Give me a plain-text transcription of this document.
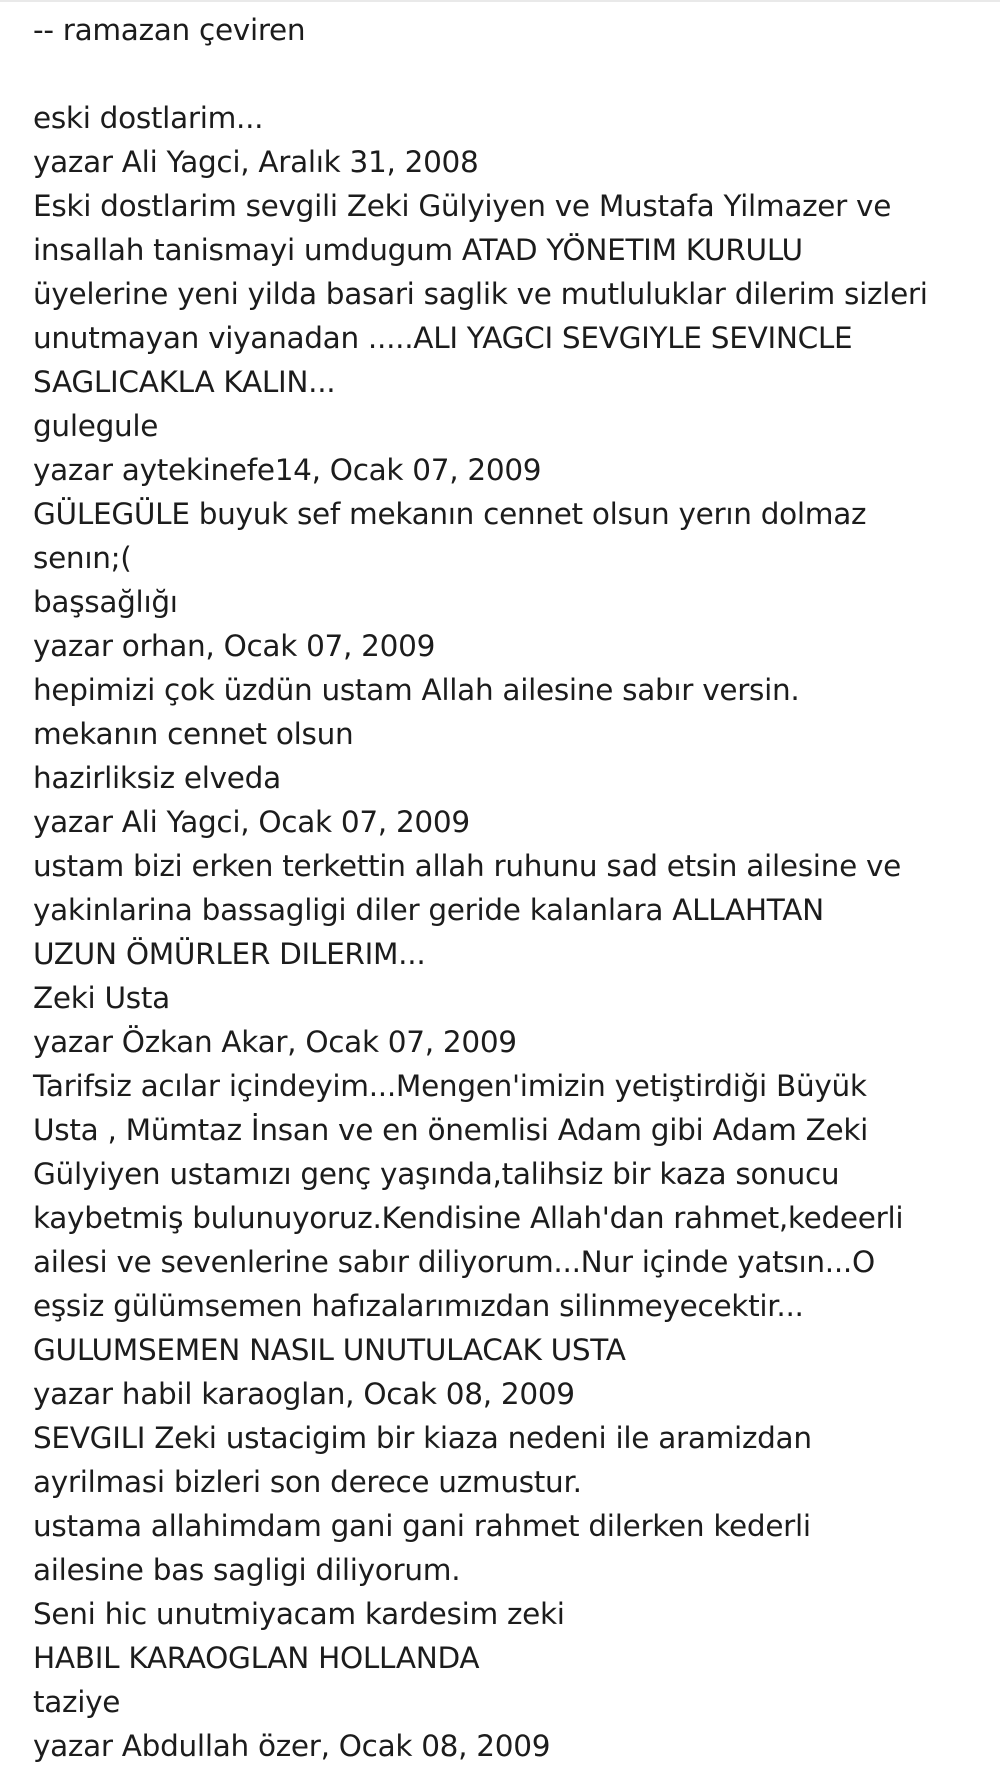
-- ramazan çeviren
eski dostlarim...
yazar Ali Yagci, Aralık 31, 2008
Eski dostlarim sevgili Zeki Gülyiyen ve Mustafa Yilmazer ve
insallah tanismayi umdugum ATAD YÖNETIM KURULU
üyelerine yeni yilda basari saglik ve mutluluklar dilerim sizleri
unutmayan viyanadan .....ALI YAGCI SEVGIYLE SEVINCLE
SAGLICAKLA KALIN...
gulegule
yazar aytekinefe14, Ocak 07, 2009
GÜLEGÜLE buyuk sef mekanın cennet olsun yerın dolmaz
senın;(
başsağlığı
yazar orhan, Ocak 07, 2009
hepimizi çok üzdün ustam Allah ailesine sabır versin.
mekanın cennet olsun
hazirliksiz elveda
yazar Ali Yagci, Ocak 07, 2009
ustam bizi erken terkettin allah ruhunu sad etsin ailesine ve
yakinlarina bassagligi diler geride kalanlara ALLAHTAN
UZUN ÖMÜRLER DILERIM...
Zeki Usta
yazar Özkan Akar, Ocak 07, 2009
Tarifsiz acılar içindeyim...Mengen'imizin yetiştirdiği Büyük
Usta , Mümtaz İnsan ve en önemlisi Adam gibi Adam Zeki
Gülyiyen ustamızı genç yaşında,talihsiz bir kaza sonucu
kaybetmiş bulunuyoruz.Kendisine Allah'dan rahmet,kedeerli
ailesi ve sevenlerine sabır diliyorum...Nur içinde yatsın...O
eşsiz gülümsemen hafızalarımızdan silinmeyecektir...
GULUMSEMEN NASIL UNUTULACAK USTA
yazar habil karaoglan, Ocak 08, 2009
SEVGILI Zeki ustacigim bir kiaza nedeni ile aramizdan
ayrilmasi bizleri son derece uzmustur.
ustama allahimdam gani gani rahmet dilerken kederli
ailesine bas sagligi diliyorum.
Seni hic unutmiyacam kardesim zeki
HABIL KARAOGLAN HOLLANDA
taziye
yazar Abdullah özer, Ocak 08, 2009
